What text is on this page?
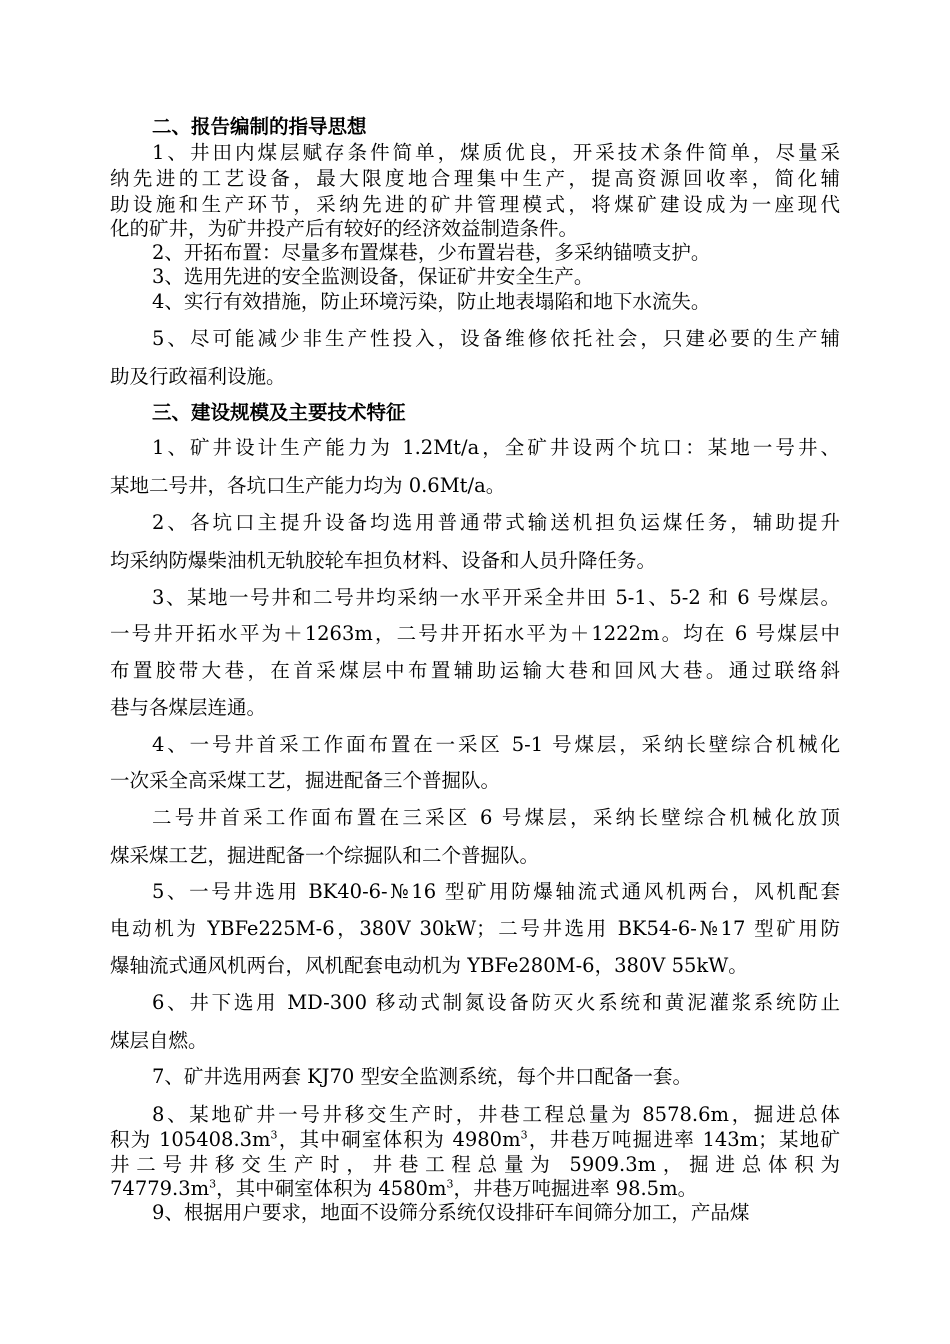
二、报告编制的指导思想
1、井田内煤层赋存条件简单，煤质优良，开采技术条件简单，尽量采
纳先进的工艺设备，最大限度地合理集中生产，提高资源回收率，简化辅
助设施和生产环节，采纳先进的矿井管理模式，将煤矿建设成为一座现代
化的矿井，为矿井投产后有较好的经济效益制造条件。
2、开拓布置：尽量多布置煤巷，少布置岩巷，多采纳锚喷支护。
3、选用先进的安全监测设备，保证矿井安全生产。
4、实行有效措施，防止环境污染，防止地表塌陷和地下水流失。
5、尽可能减少非生产性投入，设备维修依托社会，只建必要的生产辅
助及行政福利设施。
三、建设规模及主要技术特征
1、矿井设计生产能力为 1.2Mt/a，全矿井设两个坑口：某地一号井、
某地二号井，各坑口生产能力均为 0.6Mt/a。
2、各坑口主提升设备均选用普通带式输送机担负运煤任务，辅助提升
均采纳防爆柴油机无轨胶轮车担负材料、设备和人员升降任务。
3、某地一号井和二号井均采纳一水平开采全井田 5-1、5-2 和 6 号煤层。
一号井开拓水平为＋1263m，二号井开拓水平为＋1222m。均在 6 号煤层中
布置胶带大巷，在首采煤层中布置辅助运输大巷和回风大巷。通过联络斜
巷与各煤层连通。
4、一号井首采工作面布置在一采区 5-1 号煤层，采纳长壁综合机械化
一次采全高采煤工艺，掘进配备三个普掘队。
二号井首采工作面布置在三采区 6 号煤层，采纳长壁综合机械化放顶
煤采煤工艺，掘进配备一个综掘队和二个普掘队。
5、一号井选用 BK40-6-№16 型矿用防爆轴流式通风机两台，风机配套
电动机为 YBFe225M-6，380V 30kW；二号井选用 BK54-6-№17 型矿用防
爆轴流式通风机两台，风机配套电动机为 YBFe280M-6，380V 55kW。
6、井下选用 MD-300 移动式制氮设备防灭火系统和黄泥灌浆系统防止
煤层自燃。
7、矿井选用两套 KJ70 型安全监测系统，每个井口配备一套。
8、某地矿井一号井移交生产时，井巷工程总量为 8578.6m，掘进总体
积为 $105408.3m^3$，其中硐室体积为 $4980m^3$，井巷万吨掘进率 143m；某地矿
井二号井移交生产时，井巷工程总量为 5909.3m，掘进总体积为
$74779.3m^3$，其中硐室体积为 $4580m^3$，井巷万吨掘进率 98.5m。
9、根据用户要求，地面不设筛分系统仅设排矸车间筛分加工，产品煤
